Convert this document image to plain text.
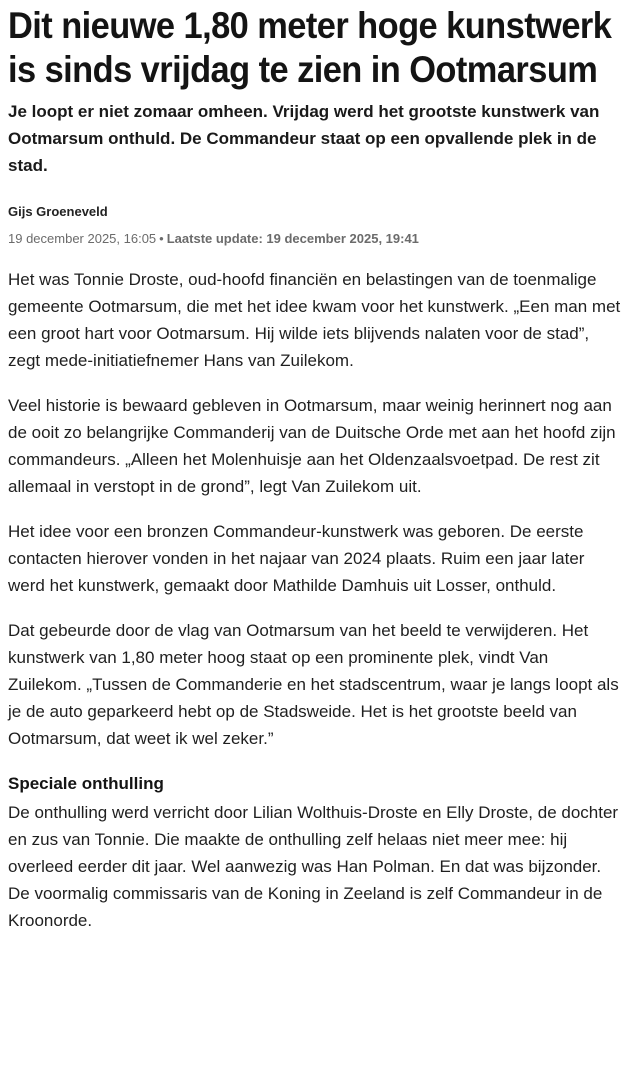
Dit nieuwe 1,80 meter hoge kunstwerk is sinds vrijdag te zien in Ootmarsum

Je loopt er niet zomaar omheen. Vrijdag werd het grootste kunstwerk van Ootmarsum onthuld. De Commandeur staat op een opvallende plek in de stad.

Gijs Groeneveld
19 december 2025, 16:05 • Laatste update: 19 december 2025, 19:41

Het was Tonnie Droste, oud-hoofd financiën en belastingen van de toenmalige gemeente Ootmarsum, die met het idee kwam voor het kunstwerk. „Een man met een groot hart voor Ootmarsum. Hij wilde iets blijvends nalaten voor de stad”, zegt mede-initiatiefnemer Hans van Zuilekom.

Veel historie is bewaard gebleven in Ootmarsum, maar weinig herinnert nog aan de ooit zo belangrijke Commanderij van de Duitsche Orde met aan het hoofd zijn commandeurs. „Alleen het Molenhuisje aan het Oldenzaalsvoetpad. De rest zit allemaal in verstopt in de grond”, legt Van Zuilekom uit.

Het idee voor een bronzen Commandeur-kunstwerk was geboren. De eerste contacten hierover vonden in het najaar van 2024 plaats. Ruim een jaar later werd het kunstwerk, gemaakt door Mathilde Damhuis uit Losser, onthuld.

Dat gebeurde door de vlag van Ootmarsum van het beeld te verwijderen. Het kunstwerk van 1,80 meter hoog staat op een prominente plek, vindt Van Zuilekom. „Tussen de Commanderie en het stadscentrum, waar je langs loopt als je de auto geparkeerd hebt op de Stadsweide. Het is het grootste beeld van Ootmarsum, dat weet ik wel zeker.”

Speciale onthulling

De onthulling werd verricht door Lilian Wolthuis-Droste en Elly Droste, de dochter en zus van Tonnie. Die maakte de onthulling zelf helaas niet meer mee: hij overleed eerder dit jaar. Wel aanwezig was Han Polman. En dat was bijzonder. De voormalig commissaris van de Koning in Zeeland is zelf Commandeur in de Kroonorde.
